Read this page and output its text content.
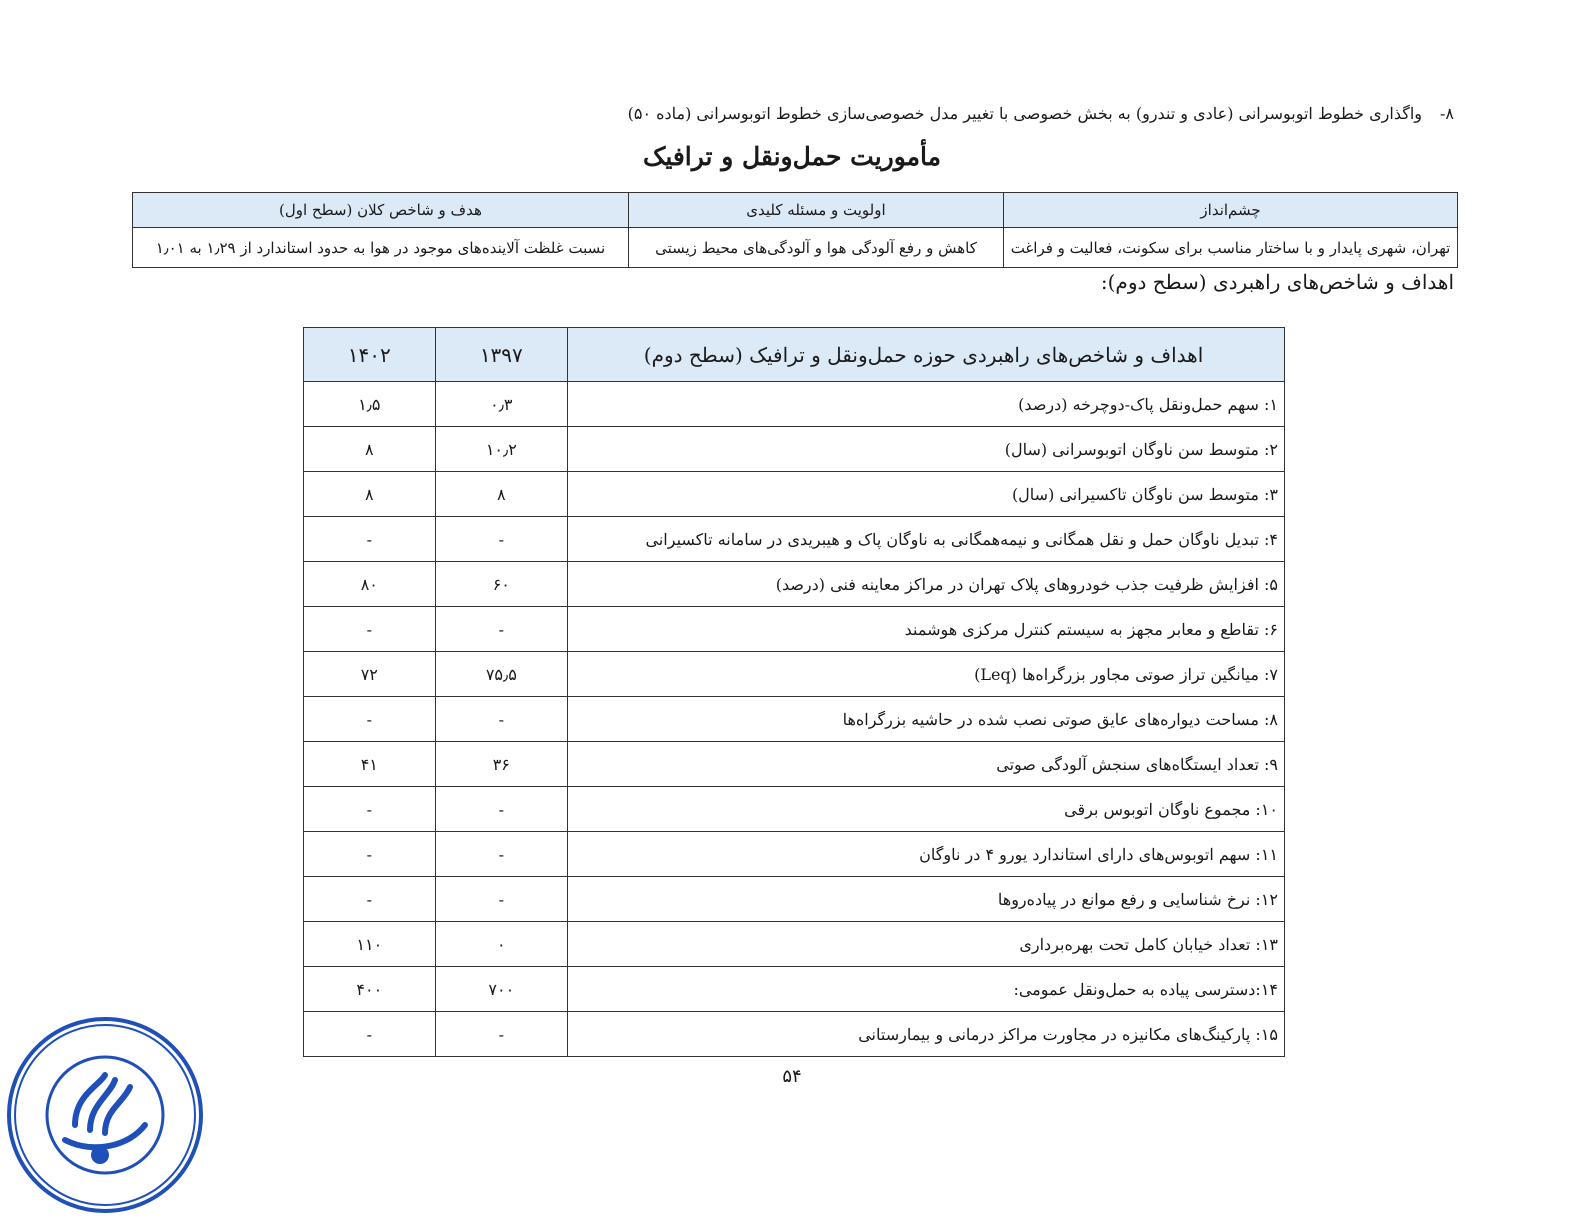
۸-واگذاری خطوط اتوبوسرانی (عادی و تندرو) به بخش خصوصی با تغییر مدل خصوصی‌سازی خطوط اتوبوسرانی (ماده ۵۰)
مأموریت حمل‌ونقل و ترافیک
چشم‌انداز	اولویت و مسئله کلیدی	هدف و شاخص کلان (سطح اول)
تهران، شهری پایدار و با ساختار مناسب برای سکونت، فعالیت و فراغت	کاهش و رفع آلودگی هوا و آلودگی‌های محیط زیستی	نسبت غلظت آلاینده‌های موجود در هوا به حدود استاندارد از ۱٫۲۹ به ۱٫۰۱
اهداف و شاخص‌های راهبردی (سطح دوم):
اهداف و شاخص‌های راهبردی حوزه حمل‌ونقل و ترافیک (سطح دوم)	۱۳۹۷	۱۴۰۲
۱: سهم حمل‌ونقل پاک-دوچرخه (درصد)	۰٫۳	۱٫۵
۲: متوسط سن ناوگان اتوبوسرانی (سال)	۱۰٫۲	۸
۳: متوسط سن ناوگان تاکسیرانی (سال)	۸	۸
۴: تبدیل ناوگان حمل و نقل همگانی و نیمه‌همگانی به ناوگان پاک و هیبریدی در سامانه تاکسیرانی	-	-
۵: افزایش ظرفیت جذب خودروهای پلاک تهران در مراکز معاینه فنی (درصد)	۶۰	۸۰
۶: تقاطع و معابر مجهز به سیستم کنترل مرکزی هوشمند	-	-
۷: میانگین تراز صوتی مجاور بزرگراه‌ها (Leq)	۷۵٫۵	۷۲
۸: مساحت دیواره‌های عایق صوتی نصب شده در حاشیه بزرگراه‌ها	-	-
۹: تعداد ایستگاه‌های سنجش آلودگی صوتی	۳۶	۴۱
۱۰: مجموع ناوگان اتوبوس برقی	-	-
۱۱: سهم اتوبوس‌های دارای استاندارد یورو ۴ در ناوگان	-	-
۱۲: نرخ شناسایی و رفع موانع در پیاده‌روها	-	-
۱۳: تعداد خیابان کامل تحت بهره‌برداری	۰	۱۱۰
۱۴:دسترسی پیاده به حمل‌ونقل عمومی:	۷۰۰	۴۰۰
۱۵: پارکینگ‌های مکانیزه در مجاورت مراکز درمانی و بیمارستانی	-	-
۵۴
